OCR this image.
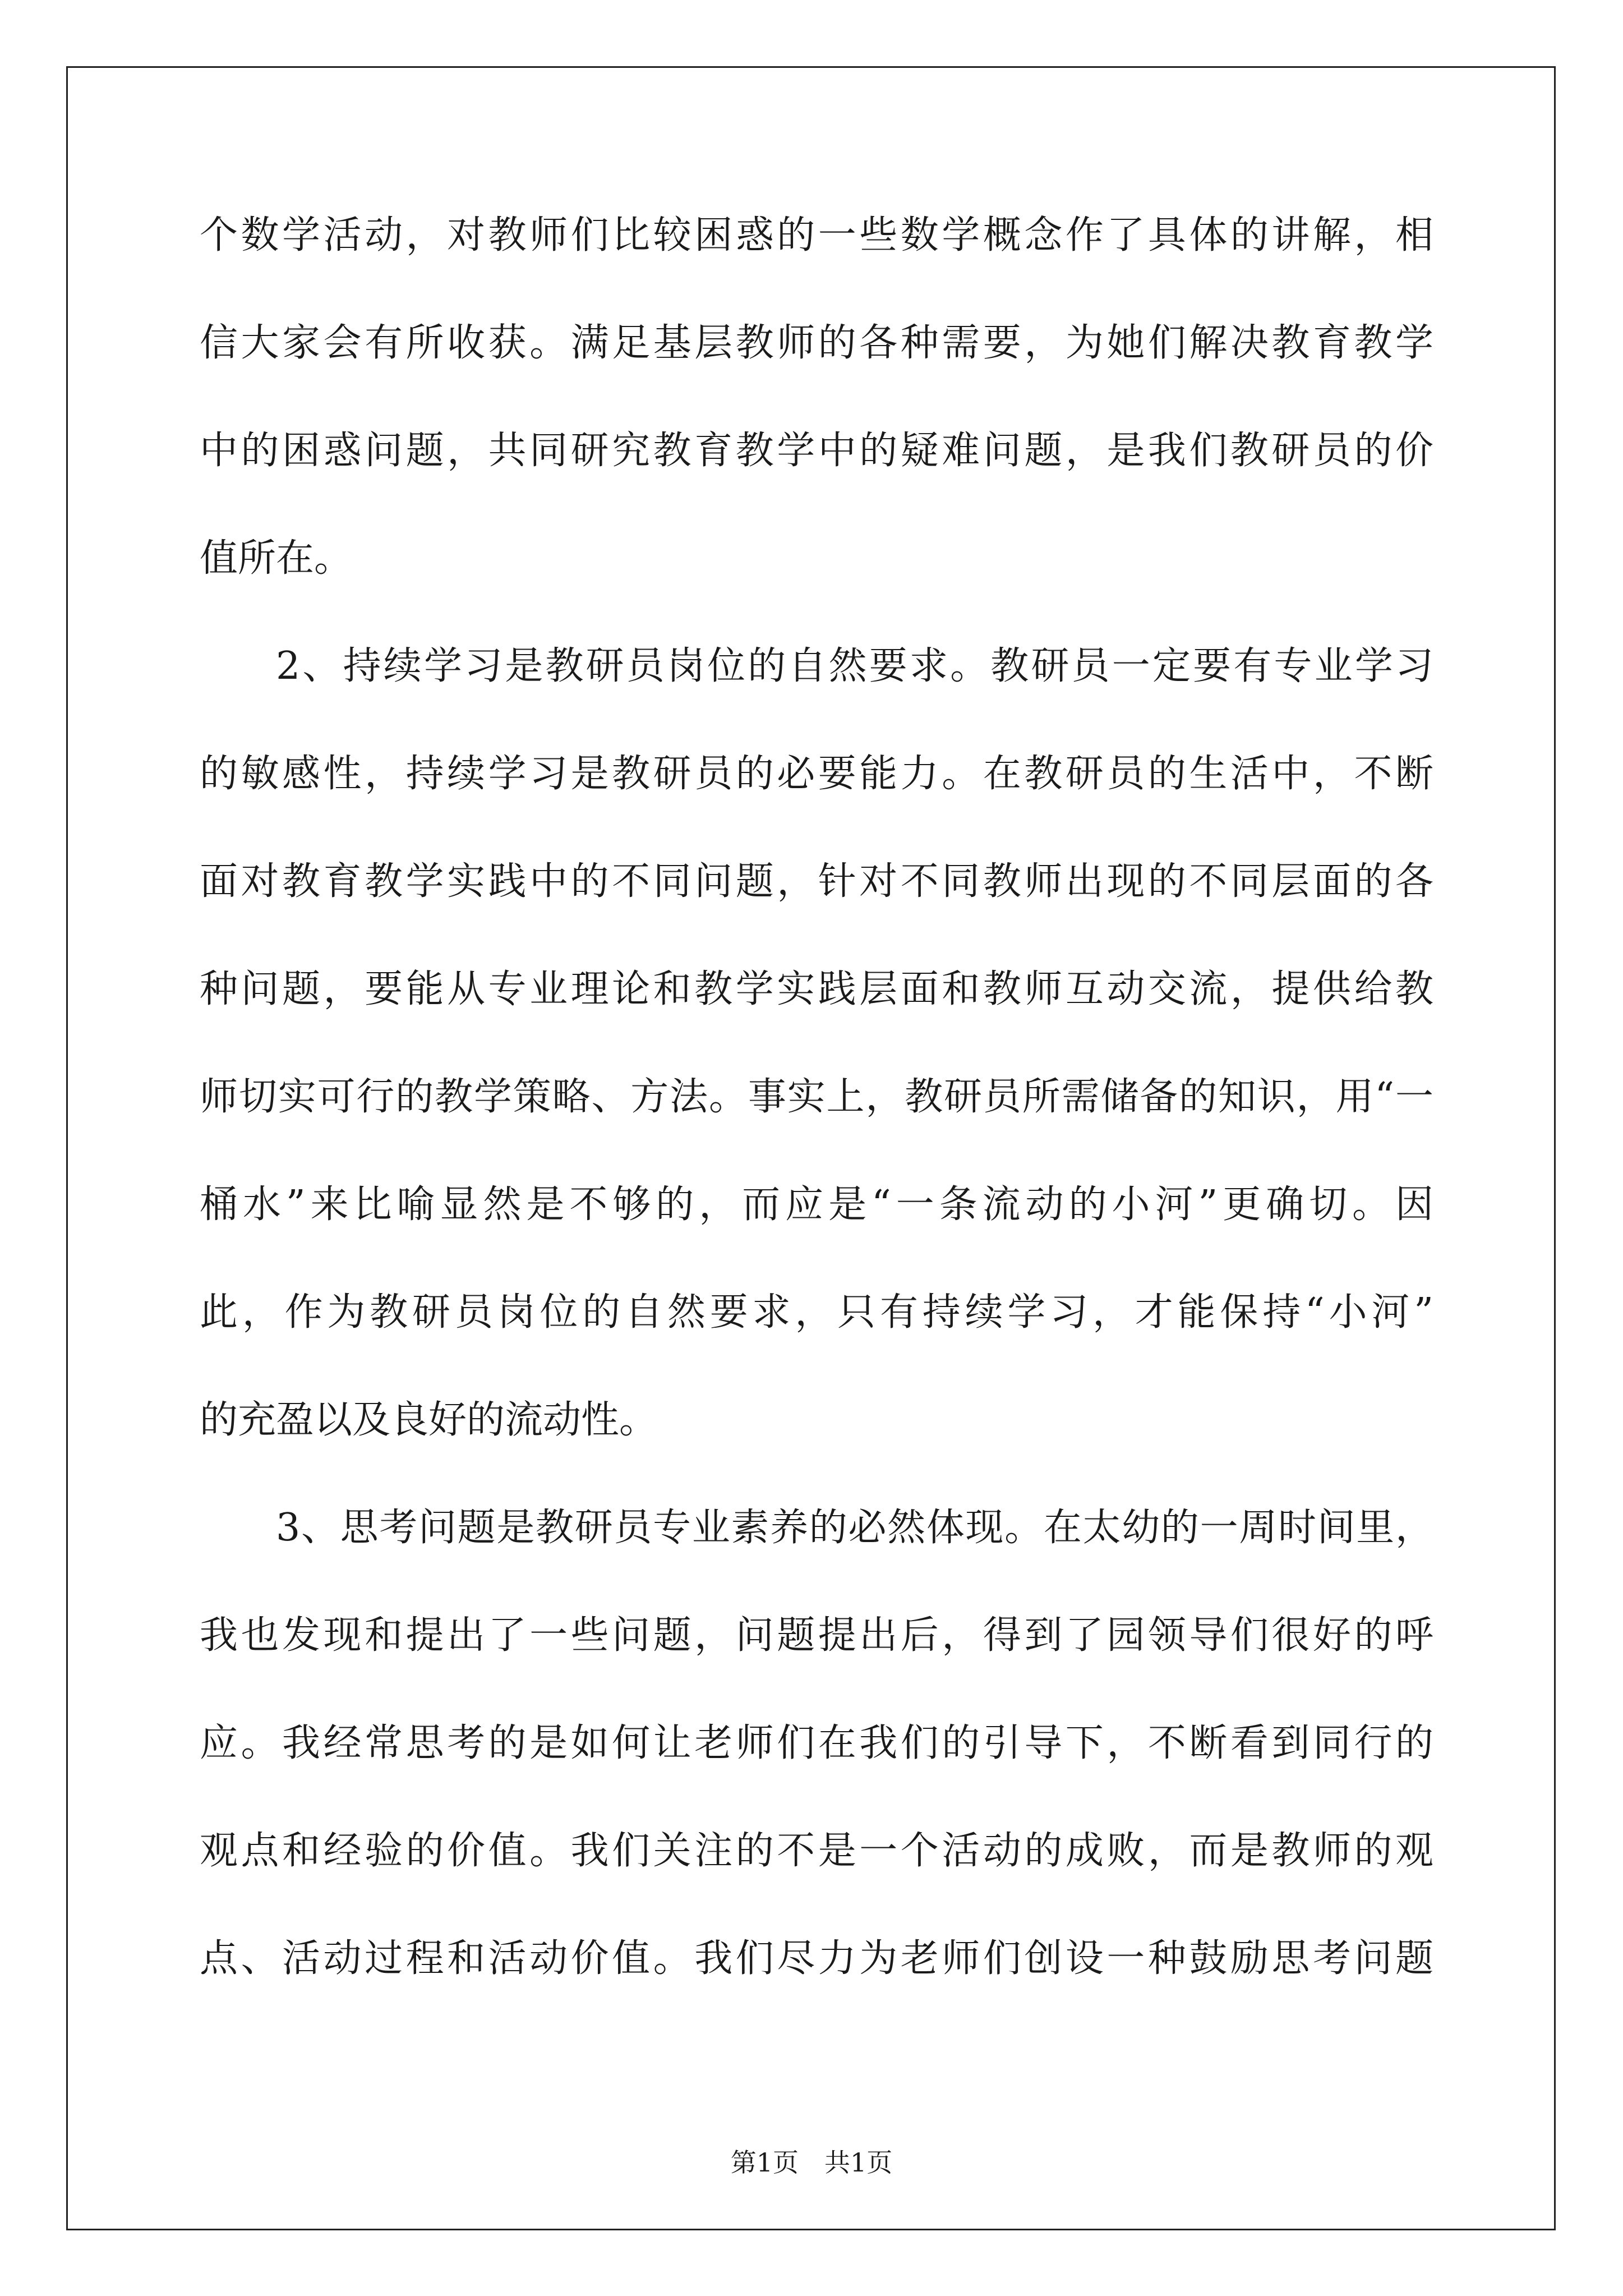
个数学活动，对教师们比较困惑的一些数学概念作了具体的讲解，相
信大家会有所收获。满足基层教师的各种需要，为她们解决教育教学
中的困惑问题，共同研究教育教学中的疑难问题，是我们教研员的价
值所在。
2、持续学习是教研员岗位的自然要求。教研员一定要有专业学习
的敏感性，持续学习是教研员的必要能力。在教研员的生活中，不断
面对教育教学实践中的不同问题，针对不同教师出现的不同层面的各
种问题，要能从专业理论和教学实践层面和教师互动交流，提供给教
师切实可行的教学策略、方法。事实上，教研员所需储备的知识，用“一
桶水”来比喻显然是不够的，而应是“一条流动的小河”更确切。因
此，作为教研员岗位的自然要求，只有持续学习，才能保持“小河”
的充盈以及良好的流动性。
3、思考问题是教研员专业素养的必然体现。在太幼的一周时间里，
我也发现和提出了一些问题，问题提出后，得到了园领导们很好的呼
应。我经常思考的是如何让老师们在我们的引导下，不断看到同行的
观点和经验的价值。我们关注的不是一个活动的成败，而是教师的观
点、活动过程和活动价值。我们尽力为老师们创设一种鼓励思考问题
第1页　共1页
